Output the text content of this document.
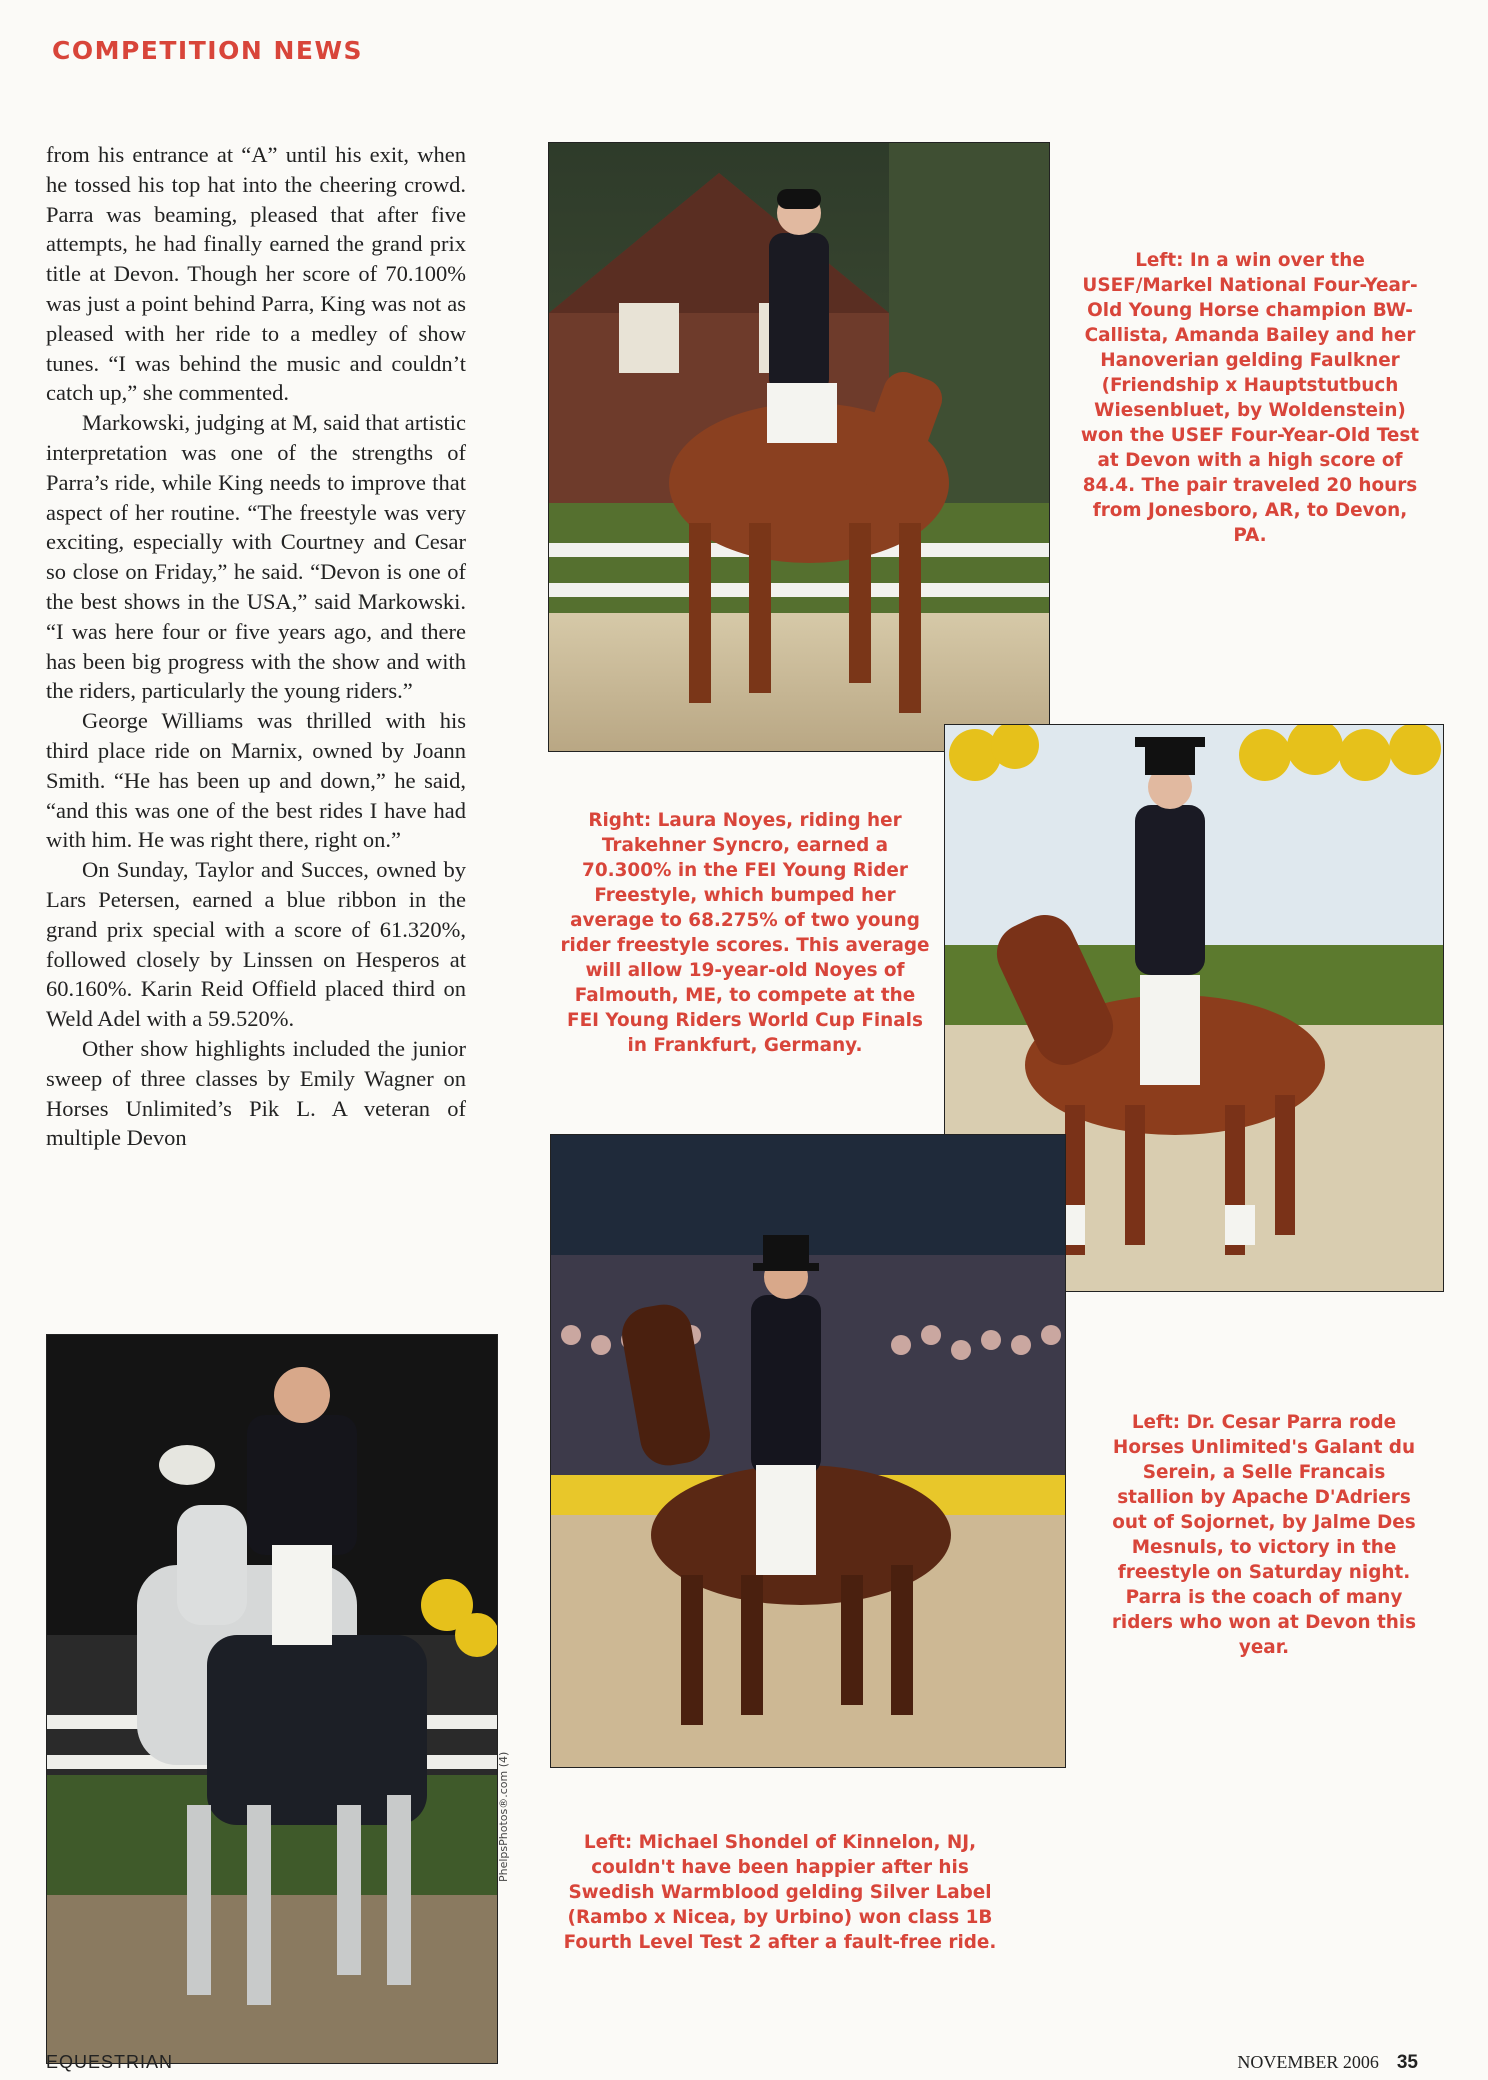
COMPETITION NEWS

from his entrance at “A” until his exit, when he tossed his top hat into the cheering crowd. Parra was beaming, pleased that after five attempts, he had finally earned the grand prix title at Devon. Though her score of 70.100% was just a point behind Parra, King was not as pleased with her ride to a medley of show tunes. “I was behind the music and couldn’t catch up,” she commented.

Markowski, judging at M, said that artistic interpretation was one of the strengths of Parra’s ride, while King needs to improve that aspect of her routine. “The freestyle was very exciting, especially with Courtney and Cesar so close on Friday,” he said. “Devon is one of the best shows in the USA,” said Markowski. “I was here four or five years ago, and there has been big progress with the show and with the riders, particularly the young riders.”

George Williams was thrilled with his third place ride on Marnix, owned by Joann Smith. “He has been up and down,” he said, “and this was one of the best rides I have had with him. He was right there, right on.”

On Sunday, Taylor and Succes, owned by Lars Petersen, earned a blue ribbon in the grand prix special with a score of 61.320%, followed closely by Linssen on Hesperos at 60.160%. Karin Reid Offield placed third on Weld Adel with a 59.520%.

Other show highlights included the junior sweep of three classes by Emily Wagner on Horses Unlimited’s Pik L. A veteran of multiple Devon

Left: In a win over the USEF/Markel National Four-Year-Old Young Horse champion BW-Callista, Amanda Bailey and her Hanoverian gelding Faulkner (Friendship x Hauptstutbuch Wiesenbluet, by Woldenstein) won the USEF Four-Year-Old Test at Devon with a high score of 84.4. The pair traveled 20 hours from Jonesboro, AR, to Devon, PA.
Right: Laura Noyes, riding her Trakehner Syncro, earned a 70.300% in the FEI Young Rider Freestyle, which bumped her average to 68.275% of two young rider freestyle scores. This average will allow 19-year-old Noyes of Falmouth, ME, to compete at the FEI Young Riders World Cup Finals in Frankfurt, Germany.
Left: Dr. Cesar Parra rode Horses Unlimited's Galant du Serein, a Selle Francais stallion by Apache D'Adriers out of Sojornet, by Jalme Des Mesnuls, to victory in the freestyle on Saturday night. Parra is the coach of many riders who won at Devon this year.
PhelpsPhotos®.com (4)	Left: Michael Shondel of Kinnelon, NJ, couldn't have been happier after his Swedish Warmblood gelding Silver Label (Rambo x Nicea, by Urbino) won class 1B Fourth Level Test 2 after a fault-free ride.
EQUESTRIAN	NOVEMBER 2006 35
